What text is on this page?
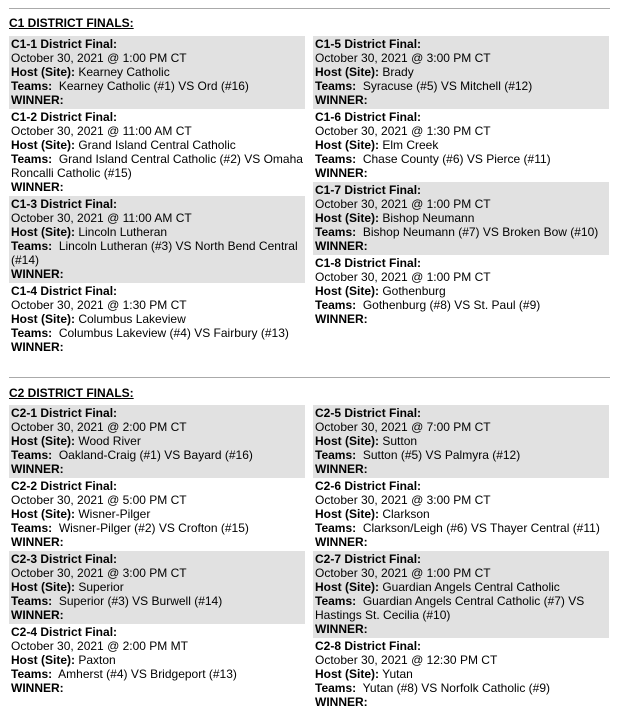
C1 DISTRICT FINALS:
C1-1 District Final:
October 30, 2021 @ 1:00 PM CT
Host (Site): Kearney Catholic
Teams: Kearney Catholic (#1) VS Ord (#16)
WINNER:
C1-2 District Final:
October 30, 2021 @ 11:00 AM CT
Host (Site): Grand Island Central Catholic
Teams: Grand Island Central Catholic (#2) VS Omaha Roncalli Catholic (#15)
WINNER:
C1-3 District Final:
October 30, 2021 @ 11:00 AM CT
Host (Site): Lincoln Lutheran
Teams: Lincoln Lutheran (#3) VS North Bend Central (#14)
WINNER:
C1-4 District Final:
October 30, 2021 @ 1:30 PM CT
Host (Site): Columbus Lakeview
Teams: Columbus Lakeview (#4) VS Fairbury (#13)
WINNER:
C1-5 District Final:
October 30, 2021 @ 3:00 PM CT
Host (Site): Brady
Teams: Syracuse (#5) VS Mitchell (#12)
WINNER:
C1-6 District Final:
October 30, 2021 @ 1:30 PM CT
Host (Site): Elm Creek
Teams: Chase County (#6) VS Pierce (#11)
WINNER:
C1-7 District Final:
October 30, 2021 @ 1:00 PM CT
Host (Site): Bishop Neumann
Teams: Bishop Neumann (#7) VS Broken Bow (#10)
WINNER:
C1-8 District Final:
October 30, 2021 @ 1:00 PM CT
Host (Site): Gothenburg
Teams: Gothenburg (#8) VS St. Paul (#9)
WINNER:
C2 DISTRICT FINALS:
C2-1 District Final:
October 30, 2021 @ 2:00 PM CT
Host (Site): Wood River
Teams: Oakland-Craig (#1) VS Bayard (#16)
WINNER:
C2-2 District Final:
October 30, 2021 @ 5:00 PM CT
Host (Site): Wisner-Pilger
Teams: Wisner-Pilger (#2) VS Crofton (#15)
WINNER:
C2-3 District Final:
October 30, 2021 @ 3:00 PM CT
Host (Site): Superior
Teams: Superior (#3) VS Burwell (#14)
WINNER:
C2-4 District Final:
October 30, 2021 @ 2:00 PM MT
Host (Site): Paxton
Teams: Amherst (#4) VS Bridgeport (#13)
WINNER:
C2-5 District Final:
October 30, 2021 @ 7:00 PM CT
Host (Site): Sutton
Teams: Sutton (#5) VS Palmyra (#12)
WINNER:
C2-6 District Final:
October 30, 2021 @ 3:00 PM CT
Host (Site): Clarkson
Teams: Clarkson/Leigh (#6) VS Thayer Central (#11)
WINNER:
C2-7 District Final:
October 30, 2021 @ 1:00 PM CT
Host (Site): Guardian Angels Central Catholic
Teams: Guardian Angels Central Catholic (#7) VS Hastings St. Cecilia (#10)
WINNER:
C2-8 District Final:
October 30, 2021 @ 12:30 PM CT
Host (Site): Yutan
Teams: Yutan (#8) VS Norfolk Catholic (#9)
WINNER:
